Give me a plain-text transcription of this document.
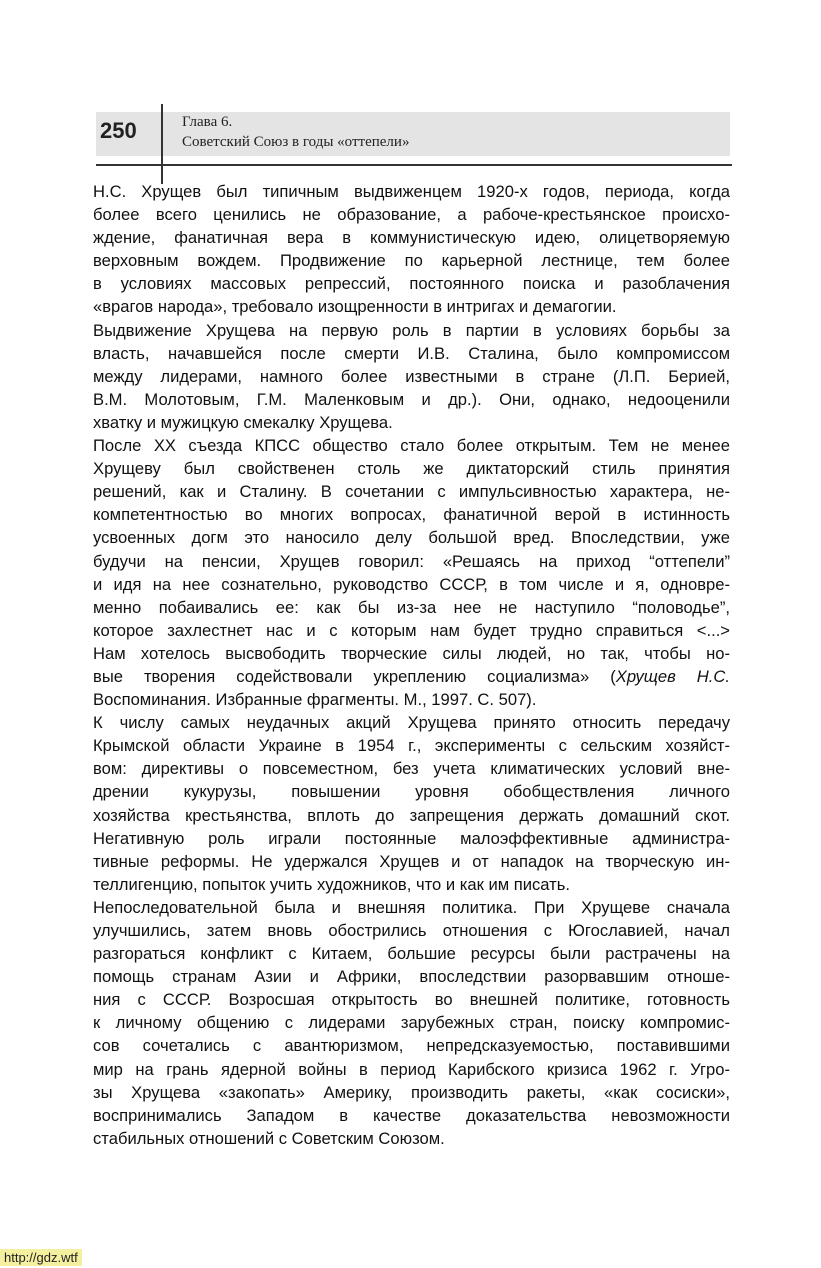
250	Глава 6.
Советский Союз в годы «оттепели»
Н.С. Хрущев был типичным выдвиженцем 1920-х годов, периода, когда
более всего ценились не образование, а рабоче-крестьянское происхо-
ждение, фанатичная вера в коммунистическую идею, олицетворяемую
верховным вождем. Продвижение по карьерной лестнице, тем более
в условиях массовых репрессий, постоянного поиска и разоблачения
«врагов народа», требовало изощренности в интригах и демагогии.
Выдвижение Хрущева на первую роль в партии в условиях борьбы за
власть, начавшейся после смерти И.В. Сталина, было компромиссом
между лидерами, намного более известными в стране (Л.П. Берией,
В.М. Молотовым, Г.М. Маленковым и др.). Они, однако, недооценили
хватку и мужицкую смекалку Хрущева.
После XX съезда КПСС общество стало более открытым. Тем не менее
Хрущеву был свойственен столь же диктаторский стиль принятия
решений, как и Сталину. В сочетании с импульсивностью характера, не-
компетентностью во многих вопросах, фанатичной верой в истинность
усвоенных догм это наносило делу большой вред. Впоследствии, уже
будучи на пенсии, Хрущев говорил: «Решаясь на приход “оттепели”
и идя на нее сознательно, руководство СССР, в том числе и я, одновре-
менно побаивались ее: как бы из-за нее не наступило “половодье”,
которое захлестнет нас и с которым нам будет трудно справиться <...>
Нам хотелось высвободить творческие силы людей, но так, чтобы но-
вые творения содействовали укреплению социализма» (Хрущев Н.С.
Воспоминания. Избранные фрагменты. М., 1997. С. 507).
К числу самых неудачных акций Хрущева принято относить передачу
Крымской области Украине в 1954 г., эксперименты с сельским хозяйст-
вом: директивы о повсеместном, без учета климатических условий вне-
дрении кукурузы, повышении уровня обобществления личного
хозяйства крестьянства, вплоть до запрещения держать домашний скот.
Негативную роль играли постоянные малоэффективные администра-
тивные реформы. Не удержался Хрущев и от нападок на творческую ин-
теллигенцию, попыток учить художников, что и как им писать.
Непоследовательной была и внешняя политика. При Хрущеве сначала
улучшились, затем вновь обострились отношения с Югославией, начал
разгораться конфликт с Китаем, большие ресурсы были растрачены на
помощь странам Азии и Африки, впоследствии разорвавшим отноше-
ния с СССР. Возросшая открытость во внешней политике, готовность
к личному общению с лидерами зарубежных стран, поиску компромис-
сов сочетались с авантюризмом, непредсказуемостью, поставившими
мир на грань ядерной войны в период Карибского кризиса 1962 г. Угро-
зы Хрущева «закопать» Америку, производить ракеты, «как сосиски»,
воспринимались Западом в качестве доказательства невозможности
стабильных отношений с Советским Союзом.
http://gdz.wtf
